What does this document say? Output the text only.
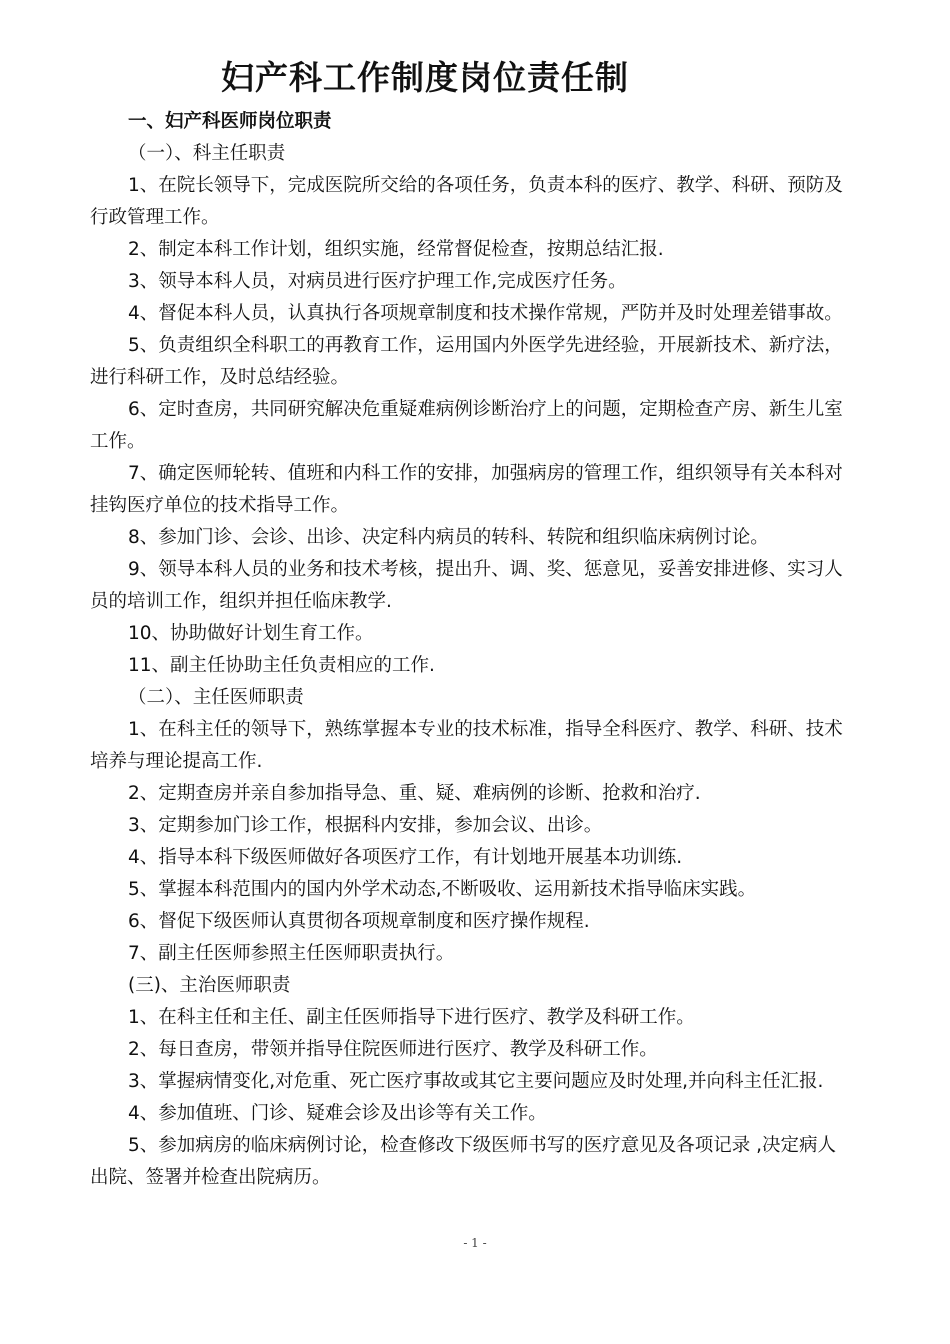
妇产科工作制度岗位责任制

一、妇产科医师岗位职责

（一）、科主任职责

1、在院长领导下，完成医院所交给的各项任务，负责本科的医疗、教学、科研、预防及

行政管理工作。

2、制定本科工作计划，组织实施，经常督促检查，按期总结汇报.

3、领导本科人员，对病员进行医疗护理工作,完成医疗任务。

4、督促本科人员，认真执行各项规章制度和技术操作常规，严防并及时处理差错事故。

5、负责组织全科职工的再教育工作，运用国内外医学先进经验，开展新技术、新疗法，

进行科研工作，及时总结经验。

6、定时查房，共同研究解决危重疑难病例诊断治疗上的问题，定期检查产房、新生儿室

工作。

7、确定医师轮转、值班和内科工作的安排，加强病房的管理工作，组织领导有关本科对

挂钩医疗单位的技术指导工作。

8、参加门诊、会诊、出诊、决定科内病员的转科、转院和组织临床病例讨论。

9、领导本科人员的业务和技术考核，提出升、调、奖、惩意见，妥善安排进修、实习人

员的培训工作，组织并担任临床教学.

10、协助做好计划生育工作。

11、副主任协助主任负责相应的工作.

（二）、主任医师职责

1、在科主任的领导下，熟练掌握本专业的技术标准，指导全科医疗、教学、科研、技术

培养与理论提高工作.

2、定期查房并亲自参加指导急、重、疑、难病例的诊断、抢救和治疗.

3、定期参加门诊工作，根据科内安排，参加会议、出诊。

4、指导本科下级医师做好各项医疗工作，有计划地开展基本功训练.

5、掌握本科范围内的国内外学术动态,不断吸收、运用新技术指导临床实践。

6、督促下级医师认真贯彻各项规章制度和医疗操作规程.

7、副主任医师参照主任医师职责执行。

(三)、主治医师职责

1、在科主任和主任、副主任医师指导下进行医疗、教学及科研工作。

2、每日查房，带领并指导住院医师进行医疗、教学及科研工作。

3、掌握病情变化,对危重、死亡医疗事故或其它主要问题应及时处理,并向科主任汇报.

4、参加值班、门诊、疑难会诊及出诊等有关工作。

5、参加病房的临床病例讨论，检查修改下级医师书写的医疗意见及各项记录 ,决定病人

出院、签署并检查出院病历。

- 1 -
